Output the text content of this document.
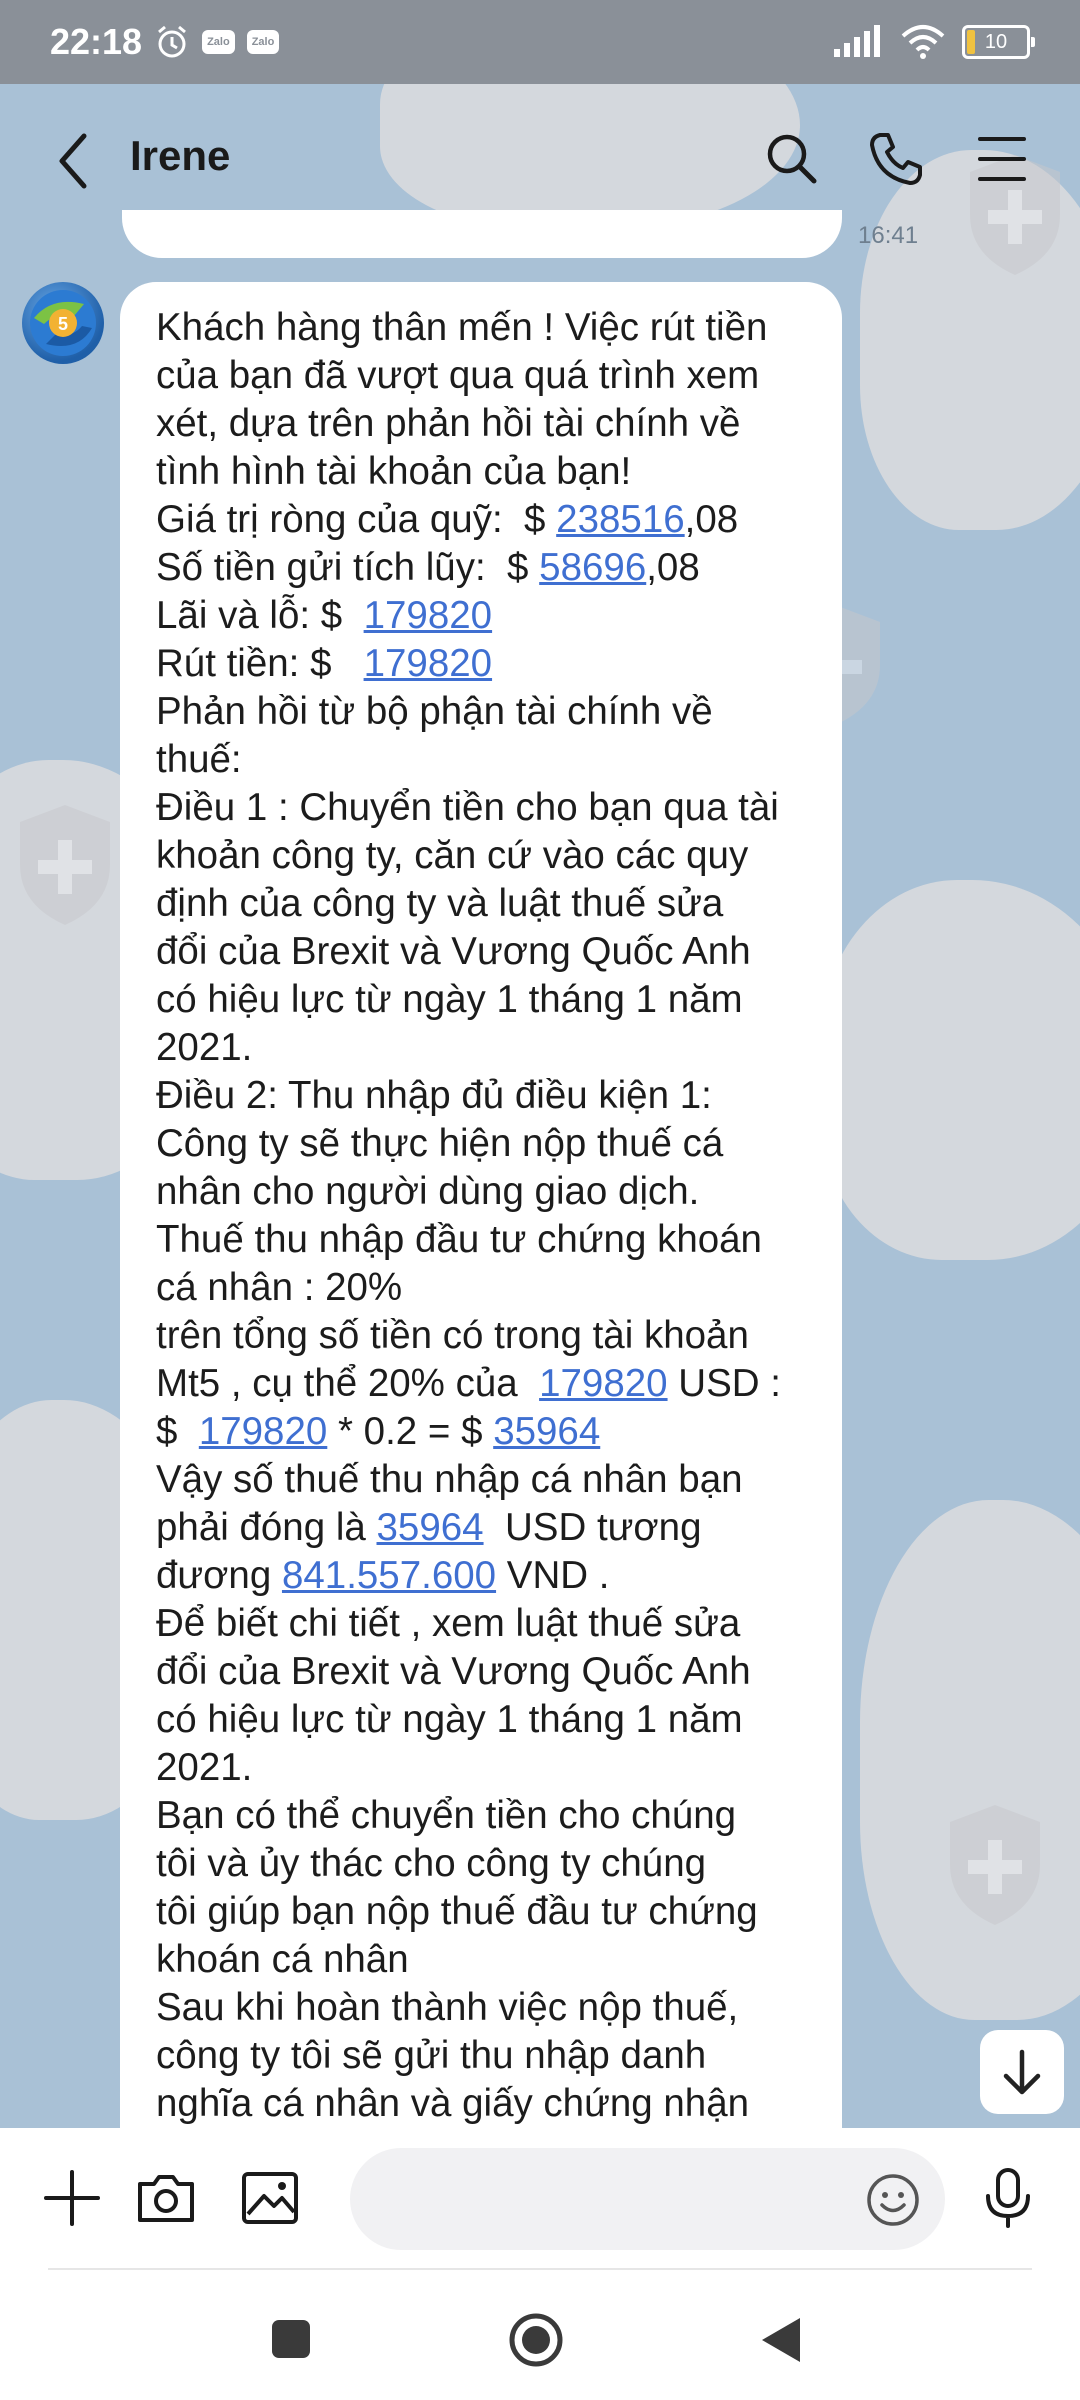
22:18	Zalo	Zalo	10
Irene
16:41
5 Khách hàng thân mến ! Việc rút tiền
của bạn đã vượt qua quá trình xem
xét, dựa trên phản hồi tài chính về
tình hình tài khoản của bạn!
Giá trị ròng của quỹ:  $ 238516,08
Số tiền gửi tích lũy:  $ 58696,08
Lãi và lỗ: $  179820
Rút tiền: $   179820
Phản hồi từ bộ phận tài chính về
thuế:
Điều 1 : Chuyển tiền cho bạn qua tài
khoản công ty, căn cứ vào các quy
định của công ty và luật thuế sửa
đổi của Brexit và Vương Quốc Anh
có hiệu lực từ ngày 1 tháng 1 năm
2021.
Điều 2: Thu nhập đủ điều kiện 1:
Công ty sẽ thực hiện nộp thuế cá
nhân cho người dùng giao dịch.
Thuế thu nhập đầu tư chứng khoán
cá nhân : 20%
trên tổng số tiền có trong tài khoản
Mt5 , cụ thể 20% của  179820 USD :
$  179820 * 0.2 = $ 35964
Vậy số thuế thu nhập cá nhân bạn
phải đóng là 35964  USD tương
đương 841.557.600 VND .
Để biết chi tiết , xem luật thuế sửa
đổi của Brexit và Vương Quốc Anh
có hiệu lực từ ngày 1 tháng 1 năm
2021.
Bạn có thể chuyển tiền cho chúng
tôi và ủy thác cho công ty chúng
tôi giúp bạn nộp thuế đầu tư chứng
khoán cá nhân
Sau khi hoàn thành việc nộp thuế,
công ty tôi sẽ gửi thu nhập danh
nghĩa cá nhân và giấy chứng nhận
